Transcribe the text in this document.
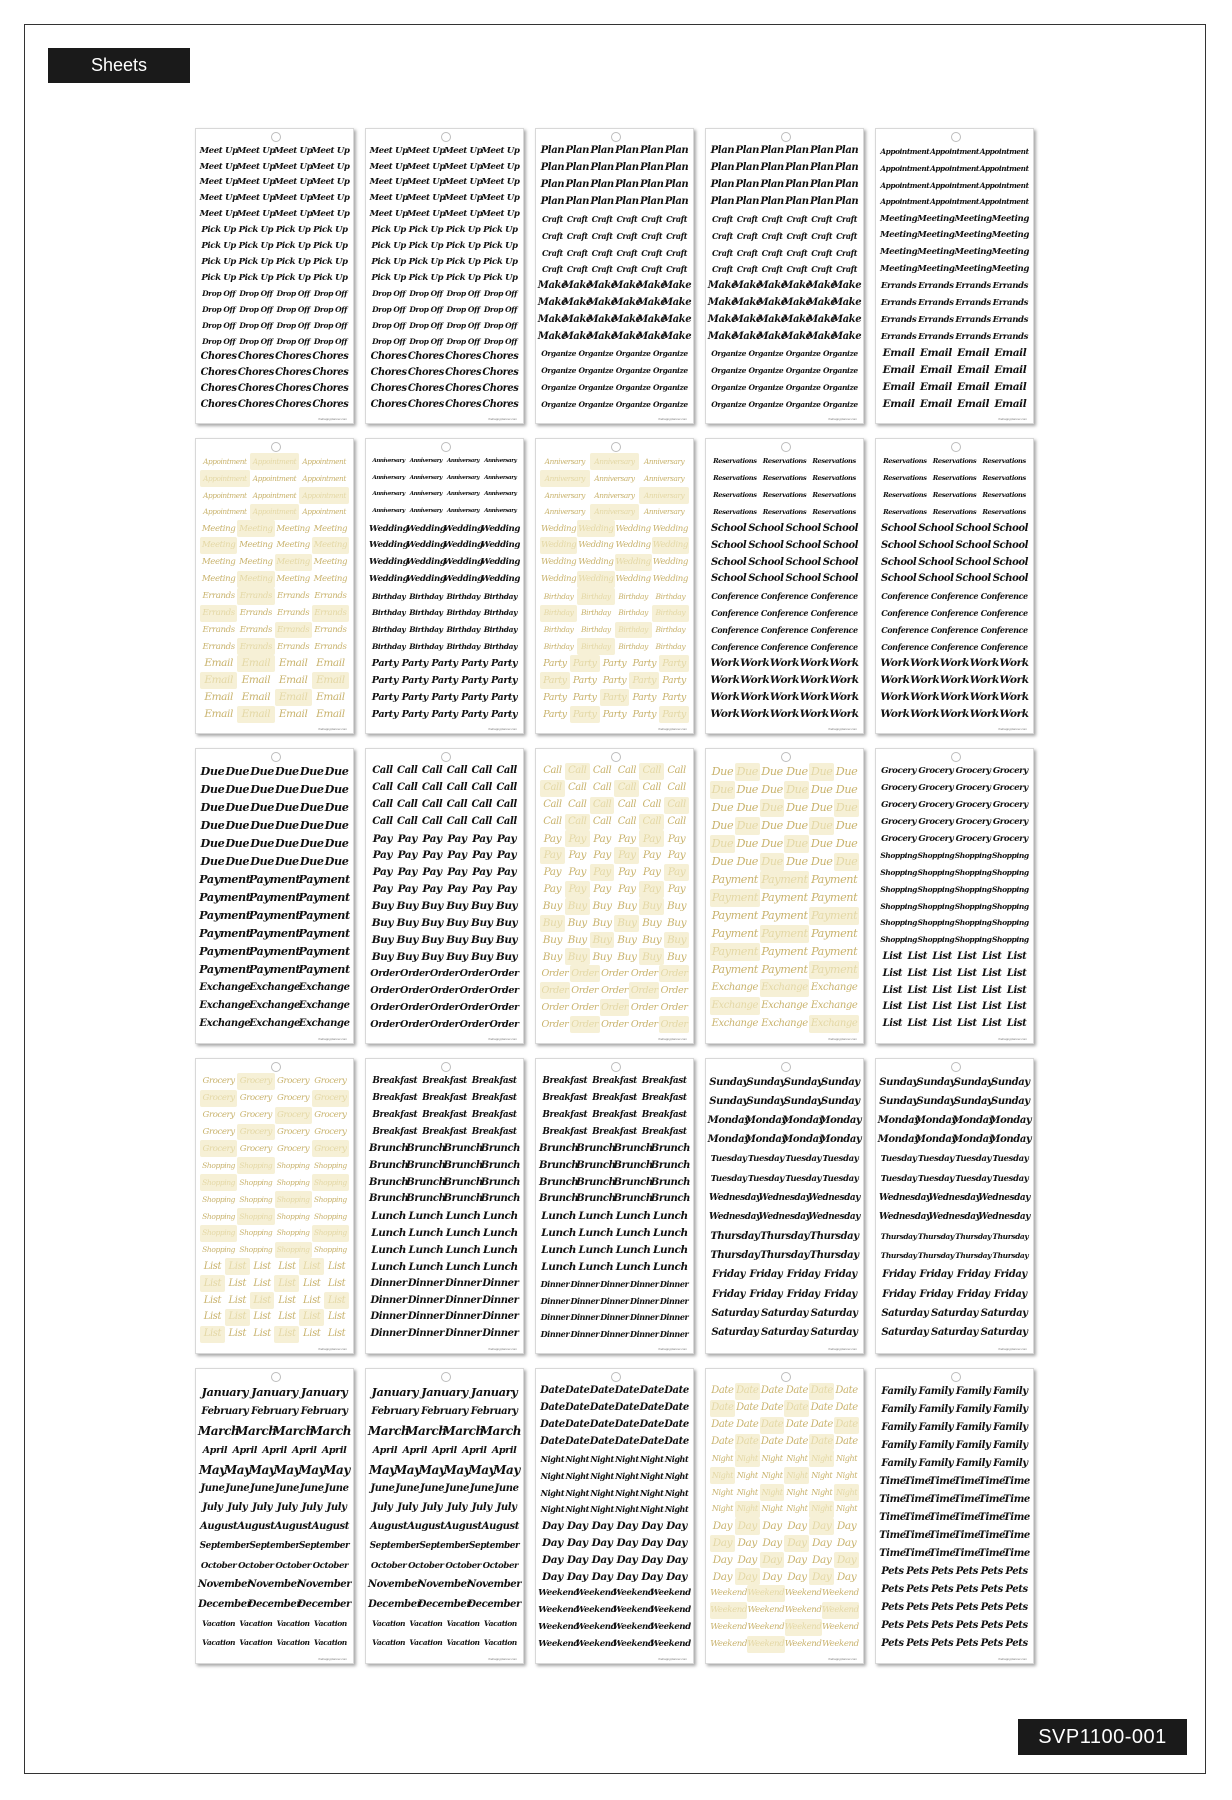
Sheets
Meet Up Meet Up Meet Up Meet Up
Meet Up Meet Up Meet Up Meet Up
Meet Up Meet Up Meet Up Meet Up
Meet Up Meet Up Meet Up Meet Up
Meet Up Meet Up Meet Up Meet Up
Pick Up Pick Up Pick Up Pick Up
Pick Up Pick Up Pick Up Pick Up
Pick Up Pick Up Pick Up Pick Up
Pick Up Pick Up Pick Up Pick Up
Drop Off Drop Off Drop Off Drop Off
Drop Off Drop Off Drop Off Drop Off
Drop Off Drop Off Drop Off Drop Off
Drop Off Drop Off Drop Off Drop Off
Chores Chores Chores Chores
Chores Chores Chores Chores
Chores Chores Chores Chores
Chores Chores Chores Chores
thehappyplanner.com
Meet Up Meet Up Meet Up Meet Up
Meet Up Meet Up Meet Up Meet Up
Meet Up Meet Up Meet Up Meet Up
Meet Up Meet Up Meet Up Meet Up
Meet Up Meet Up Meet Up Meet Up
Pick Up Pick Up Pick Up Pick Up
Pick Up Pick Up Pick Up Pick Up
Pick Up Pick Up Pick Up Pick Up
Pick Up Pick Up Pick Up Pick Up
Drop Off Drop Off Drop Off Drop Off
Drop Off Drop Off Drop Off Drop Off
Drop Off Drop Off Drop Off Drop Off
Drop Off Drop Off Drop Off Drop Off
Chores Chores Chores Chores
Chores Chores Chores Chores
Chores Chores Chores Chores
Chores Chores Chores Chores
thehappyplanner.com
Plan Plan Plan Plan Plan Plan
Plan Plan Plan Plan Plan Plan
Plan Plan Plan Plan Plan Plan
Plan Plan Plan Plan Plan Plan
Craft Craft Craft Craft Craft Craft
Craft Craft Craft Craft Craft Craft
Craft Craft Craft Craft Craft Craft
Craft Craft Craft Craft Craft Craft
Make
Make
Make
Make
Make
Make
Make
Make
Make
Make
Make
Make
Make
Make
Make
Make
Make
Make
Make
Make
Make
Make
Make
Make
Organize Organize Organize Organize
Organize Organize Organize Organize
Organize Organize Organize Organize
Organize Organize Organize Organize
thehappyplanner.com
Plan Plan Plan Plan Plan Plan
Plan Plan Plan Plan Plan Plan
Plan Plan Plan Plan Plan Plan
Plan Plan Plan Plan Plan Plan
Craft Craft Craft Craft Craft Craft
Craft Craft Craft Craft Craft Craft
Craft Craft Craft Craft Craft Craft
Craft Craft Craft Craft Craft Craft
Make
Make
Make
Make
Make
Make
Make
Make
Make
Make
Make
Make
Make
Make
Make
Make
Make
Make
Make
Make
Make
Make
Make
Make
Organize Organize Organize Organize
Organize Organize Organize Organize
Organize Organize Organize Organize
Organize Organize Organize Organize
thehappyplanner.com
Appointment Appointment Appointment
Appointment Appointment Appointment
Appointment Appointment Appointment
Appointment Appointment Appointment
Meeting Meeting Meeting Meeting
Meeting Meeting Meeting Meeting
Meeting Meeting Meeting Meeting
Meeting Meeting Meeting Meeting
Errands Errands Errands Errands
Errands Errands Errands Errands
Errands Errands Errands Errands
Errands Errands Errands Errands
Email Email Email Email
Email Email Email Email
Email Email Email Email
Email Email Email Email
thehappyplanner.com
Appointment Appointment Appointment
Appointment Appointment Appointment
Appointment Appointment Appointment
Appointment Appointment Appointment
Meeting Meeting Meeting Meeting
Meeting Meeting Meeting Meeting
Meeting Meeting Meeting Meeting
Meeting Meeting Meeting Meeting
Errands Errands Errands Errands
Errands Errands Errands Errands
Errands Errands Errands Errands
Errands Errands Errands Errands
Email Email Email Email
Email Email Email Email
Email Email Email Email
Email Email Email Email
thehappyplanner.com
Anniversary Anniversary Anniversary Anniversary
Anniversary Anniversary Anniversary Anniversary
Anniversary Anniversary Anniversary Anniversary
Anniversary Anniversary Anniversary Anniversary
Wedding
Wedding
Wedding
Wedding
Wedding
Wedding
Wedding
Wedding
Wedding
Wedding
Wedding
Wedding
Wedding
Wedding
Wedding
Wedding
Birthday Birthday Birthday Birthday
Birthday Birthday Birthday Birthday
Birthday Birthday Birthday Birthday
Birthday Birthday Birthday Birthday
Party Party Party Party Party
Party Party Party Party Party
Party Party Party Party Party
Party Party Party Party Party
thehappyplanner.com
Anniversary	Anniversary	Anniversary
Anniversary	Anniversary	Anniversary
Anniversary	Anniversary	Anniversary
Anniversary	Anniversary	Anniversary
Wedding Wedding Wedding Wedding
Wedding Wedding Wedding Wedding
Wedding Wedding Wedding Wedding
Wedding Wedding Wedding Wedding
Birthday	Birthday	Birthday	Birthday
Birthday	Birthday	Birthday	Birthday
Birthday	Birthday	Birthday	Birthday
Birthday	Birthday	Birthday	Birthday
Party Party Party Party Party
Party Party Party Party Party
Party Party Party Party Party
Party Party Party Party Party
thehappyplanner.com
Reservations Reservations Reservations
Reservations Reservations Reservations
Reservations Reservations Reservations
Reservations Reservations Reservations
School School School School
School School School School
School School School School
School School School School
Conference Conference Conference
Conference Conference Conference
Conference Conference Conference
Conference Conference Conference
Work Work Work Work Work
Work Work Work Work Work
Work Work Work Work Work
Work Work Work Work Work
thehappyplanner.com
Reservations Reservations Reservations
Reservations Reservations Reservations
Reservations Reservations Reservations
Reservations Reservations Reservations
School School School School
School School School School
School School School School
School School School School
Conference Conference Conference
Conference Conference Conference
Conference Conference Conference
Conference Conference Conference
Work Work Work Work Work
Work Work Work Work Work
Work Work Work Work Work
Work Work Work Work Work
thehappyplanner.com
Due Due Due Due Due Due
Due Due Due Due Due Due
Due Due Due Due Due Due
Due Due Due Due Due Due
Due Due Due Due Due Due
Due Due Due Due Due Due
Payment
Payment
Payment
Payment
Payment
Payment
Payment
Payment
Payment
Payment
Payment
Payment
Payment
Payment
Payment
Payment
Payment
Payment
Exchange
Exchange
Exchange
Exchange
Exchange
Exchange
Exchange
Exchange
Exchange
thehappyplanner.com
Call Call Call Call Call Call
Call Call Call Call Call Call
Call Call Call Call Call Call
Call Call Call Call Call Call
Pay Pay Pay Pay Pay Pay
Pay Pay Pay Pay Pay Pay
Pay Pay Pay Pay Pay Pay
Pay Pay Pay Pay Pay Pay
Buy Buy Buy Buy Buy Buy
Buy Buy Buy Buy Buy Buy
Buy Buy Buy Buy Buy Buy
Buy Buy Buy Buy Buy Buy
Order Order Order Order Order
Order Order Order Order Order
Order Order Order Order Order
Order Order Order Order Order
thehappyplanner.com
Call Call Call Call Call Call
Call Call Call Call Call Call
Call Call Call Call Call Call
Call Call Call Call Call Call
Pay Pay Pay Pay Pay Pay
Pay Pay Pay Pay Pay Pay
Pay Pay Pay Pay Pay Pay
Pay Pay Pay Pay Pay Pay
Buy Buy Buy Buy Buy Buy
Buy Buy Buy Buy Buy Buy
Buy Buy Buy Buy Buy Buy
Buy Buy Buy Buy Buy Buy
Order Order Order Order Order
Order Order Order Order Order
Order Order Order Order Order
Order Order Order Order Order
thehappyplanner.com
Due Due Due Due Due Due
Due Due Due Due Due Due
Due Due Due Due Due Due
Due Due Due Due Due Due
Due Due Due Due Due Due
Due Due Due Due Due Due
Payment Payment Payment
Payment Payment Payment
Payment Payment Payment
Payment Payment Payment
Payment Payment Payment
Payment Payment Payment
Exchange Exchange Exchange
Exchange Exchange Exchange
Exchange Exchange Exchange
thehappyplanner.com
Grocery Grocery Grocery Grocery
Grocery Grocery Grocery Grocery
Grocery Grocery Grocery Grocery
Grocery Grocery Grocery Grocery
Grocery Grocery Grocery Grocery
Shopping Shopping Shopping Shopping
Shopping Shopping Shopping Shopping
Shopping Shopping Shopping Shopping
Shopping Shopping Shopping Shopping
Shopping Shopping Shopping Shopping
Shopping Shopping Shopping Shopping
List List List List List List
List List List List List List
List List List List List List
List List List List List List
List List List List List List
thehappyplanner.com
Grocery Grocery Grocery Grocery
Grocery Grocery Grocery Grocery
Grocery Grocery Grocery Grocery
Grocery Grocery Grocery Grocery
Grocery Grocery Grocery Grocery
Shopping Shopping Shopping Shopping
Shopping Shopping Shopping Shopping
Shopping Shopping Shopping Shopping
Shopping Shopping Shopping Shopping
Shopping Shopping Shopping Shopping
Shopping Shopping Shopping Shopping
List List List List List List
List List List List List List
List List List List List List
List List List List List List
List List List List List List
thehappyplanner.com
Breakfast Breakfast Breakfast
Breakfast Breakfast Breakfast
Breakfast Breakfast Breakfast
Breakfast Breakfast Breakfast
Brunch
Brunch
Brunch
Brunch
Brunch
Brunch
Brunch
Brunch
Brunch
Brunch
Brunch
Brunch
Brunch
Brunch
Brunch
Brunch
Lunch Lunch Lunch Lunch
Lunch Lunch Lunch Lunch
Lunch Lunch Lunch Lunch
Lunch Lunch Lunch Lunch
Dinner Dinner Dinner Dinner
Dinner Dinner Dinner Dinner
Dinner Dinner Dinner Dinner
Dinner Dinner Dinner Dinner
thehappyplanner.com
Breakfast Breakfast Breakfast
Breakfast Breakfast Breakfast
Breakfast Breakfast Breakfast
Breakfast Breakfast Breakfast
Brunch
Brunch
Brunch
Brunch
Brunch
Brunch
Brunch
Brunch
Brunch
Brunch
Brunch
Brunch
Brunch
Brunch
Brunch
Brunch
Lunch Lunch Lunch Lunch
Lunch Lunch Lunch Lunch
Lunch Lunch Lunch Lunch
Lunch Lunch Lunch Lunch
Dinner Dinner Dinner Dinner Dinner
Dinner Dinner Dinner Dinner Dinner
Dinner Dinner Dinner Dinner Dinner
Dinner Dinner Dinner Dinner Dinner
thehappyplanner.com
Sunday
Sunday
Sunday
Sunday
Sunday
Sunday
Sunday
Sunday
Monday
Monday
Monday
Monday
Monday
Monday
Monday
Monday
Tuesday Tuesday Tuesday Tuesday
Tuesday Tuesday Tuesday Tuesday
Wednesday
Wednesday
Wednesday
Wednesday
Wednesday
Wednesday
Thursday Thursday Thursday
Thursday Thursday Thursday
Friday Friday Friday Friday
Friday Friday Friday Friday
Saturday Saturday Saturday
Saturday Saturday Saturday
thehappyplanner.com
Sunday
Sunday
Sunday
Sunday
Sunday
Sunday
Sunday
Sunday
Monday
Monday
Monday
Monday
Monday
Monday
Monday
Monday
Tuesday Tuesday Tuesday Tuesday
Tuesday Tuesday Tuesday Tuesday
Wednesday
Wednesday
Wednesday
Wednesday
Wednesday
Wednesday
Thursday Thursday Thursday Thursday
Thursday Thursday Thursday Thursday
Friday Friday Friday Friday
Friday Friday Friday Friday
Saturday Saturday Saturday
Saturday Saturday Saturday
thehappyplanner.com
January January January
February February February
March
March
March
March
April April April April April
May
May
May
May
May
May
June June June June June June
July July July July July July
August August August August
September September September
October October October October
November
November
November
December
December
December
Vacation Vacation Vacation Vacation
Vacation Vacation Vacation Vacation
thehappyplanner.com
January January January
February February February
March
March
March
March
April April April April April
May
May
May
May
May
May
June June June June June June
July July July July July July
August August August August
September September September
October October October October
November
November
November
December
December
December
Vacation Vacation Vacation Vacation
Vacation Vacation Vacation Vacation
thehappyplanner.com
Date Date Date Date Date Date
Date Date Date Date Date Date
Date Date Date Date Date Date
Date Date Date Date Date Date
Night Night Night Night Night Night
Night Night Night Night Night Night
Night Night Night Night Night Night
Night Night Night Night Night Night
Day Day Day Day Day Day
Day Day Day Day Day Day
Day Day Day Day Day Day
Day Day Day Day Day Day
Weekend
Weekend
Weekend
Weekend
Weekend
Weekend
Weekend
Weekend
Weekend
Weekend
Weekend
Weekend
Weekend
Weekend
Weekend
Weekend
thehappyplanner.com
Date Date Date Date Date Date
Date Date Date Date Date Date
Date Date Date Date Date Date
Date Date Date Date Date Date
Night Night Night Night Night Night
Night Night Night Night Night Night
Night Night Night Night Night Night
Night Night Night Night Night Night
Day Day Day Day Day Day
Day Day Day Day Day Day
Day Day Day Day Day Day
Day Day Day Day Day Day
Weekend Weekend Weekend Weekend
Weekend Weekend Weekend Weekend
Weekend Weekend Weekend Weekend
Weekend Weekend Weekend Weekend
thehappyplanner.com
Family Family Family Family
Family Family Family Family
Family Family Family Family
Family Family Family Family
Family Family Family Family
Time
Time
Time
Time
Time
Time
Time
Time
Time
Time
Time
Time
Time
Time
Time
Time
Time
Time
Time
Time
Time
Time
Time
Time
Time
Time
Time
Time
Time
Time
Pets Pets Pets Pets Pets Pets
Pets Pets Pets Pets Pets Pets
Pets Pets Pets Pets Pets Pets
Pets Pets Pets Pets Pets Pets
Pets Pets Pets Pets Pets Pets
thehappyplanner.com
SVP1100-001
